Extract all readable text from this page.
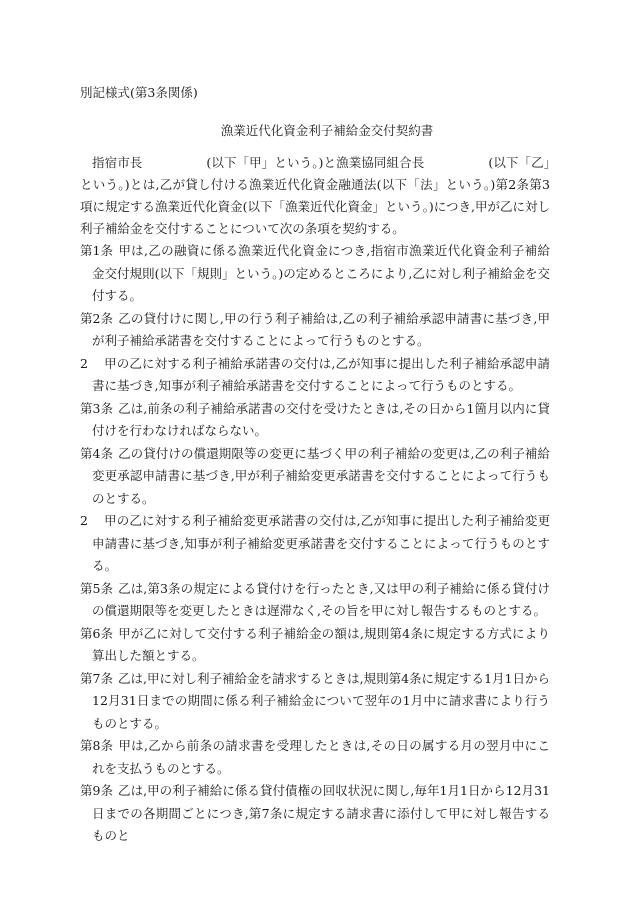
別記様式(第3条関係)
漁業近代化資金利子補給金交付契約書

指宿市長	(以下「甲」という。)と漁業協同組合長	(以下「乙」という。)とは,乙が貸し付ける漁業近代化資金融通法(以下「法」という。)第2条第3項に規定する漁業近代化資金(以下「漁業近代化資金」という。)につき,甲が乙に対し利子補給金を交付することについて次の条項を契約する。

第1条 甲は,乙の融資に係る漁業近代化資金につき,指宿市漁業近代化資金利子補給金交付規則(以下「規則」という。)の定めるところにより,乙に対し利子補給金を交付する。

第2条 乙の貸付けに関し,甲の行う利子補給は,乙の利子補給承認申請書に基づき,甲が利子補給承諾書を交付することによって行うものとする。

2 甲の乙に対する利子補給承諾書の交付は,乙が知事に提出した利子補給承認申請書に基づき,知事が利子補給承諾書を交付することによって行うものとする。

第3条 乙は,前条の利子補給承諾書の交付を受けたときは,その日から1箇月以内に貸付けを行わなければならない。

第4条 乙の貸付けの償還期限等の変更に基づく甲の利子補給の変更は,乙の利子補給変更承認申請書に基づき,甲が利子補給変更承諾書を交付することによって行うものとする。

2 甲の乙に対する利子補給変更承諾書の交付は,乙が知事に提出した利子補給変更申請書に基づき,知事が利子補給変更承諾書を交付することによって行うものとする。

第5条 乙は,第3条の規定による貸付けを行ったとき,又は甲の利子補給に係る貸付けの償還期限等を変更したときは遅滞なく,その旨を甲に対し報告するものとする。

第6条 甲が乙に対して交付する利子補給金の額は,規則第4条に規定する方式により算出した額とする。

第7条 乙は,甲に対し利子補給金を請求するときは,規則第4条に規定する1月1日から12月31日までの期間に係る利子補給金について翌年の1月中に請求書により行うものとする。

第8条 甲は,乙から前条の請求書を受理したときは,その日の属する月の翌月中にこれを支払うものとする。

第9条 乙は,甲の利子補給に係る貸付債権の回収状況に関し,毎年1月1日から12月31日までの各期間ごとにつき,第7条に規定する請求書に添付して甲に対し報告するものと
